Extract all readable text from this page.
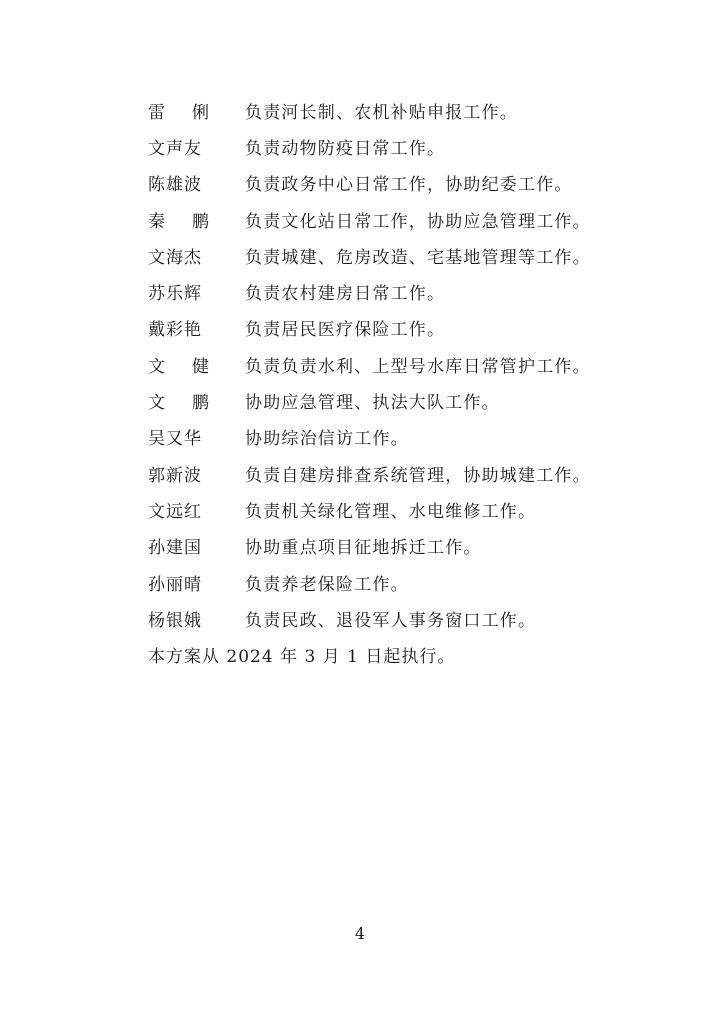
雷 俐	负责河长制、农机补贴申报工作。
文声友	负责动物防疫日常工作。
陈雄波	负责政务中心日常工作，协助纪委工作。
秦 鹏	负责文化站日常工作，协助应急管理工作。
文海杰	负责城建、危房改造、宅基地管理等工作。
苏乐辉	负责农村建房日常工作。
戴彩艳	负责居民医疗保险工作。
文 健	负责负责水利、上型号水库日常管护工作。
文 鹏	协助应急管理、执法大队工作。
吴又华	协助综治信访工作。
郭新波	负责自建房排查系统管理，协助城建工作。
文远红	负责机关绿化管理、水电维修工作。
孙建国	协助重点项目征地拆迁工作。
孙丽晴	负责养老保险工作。
杨银娥	负责民政、退役军人事务窗口工作。
本方案从 2024 年 3 月 1 日起执行。
4
